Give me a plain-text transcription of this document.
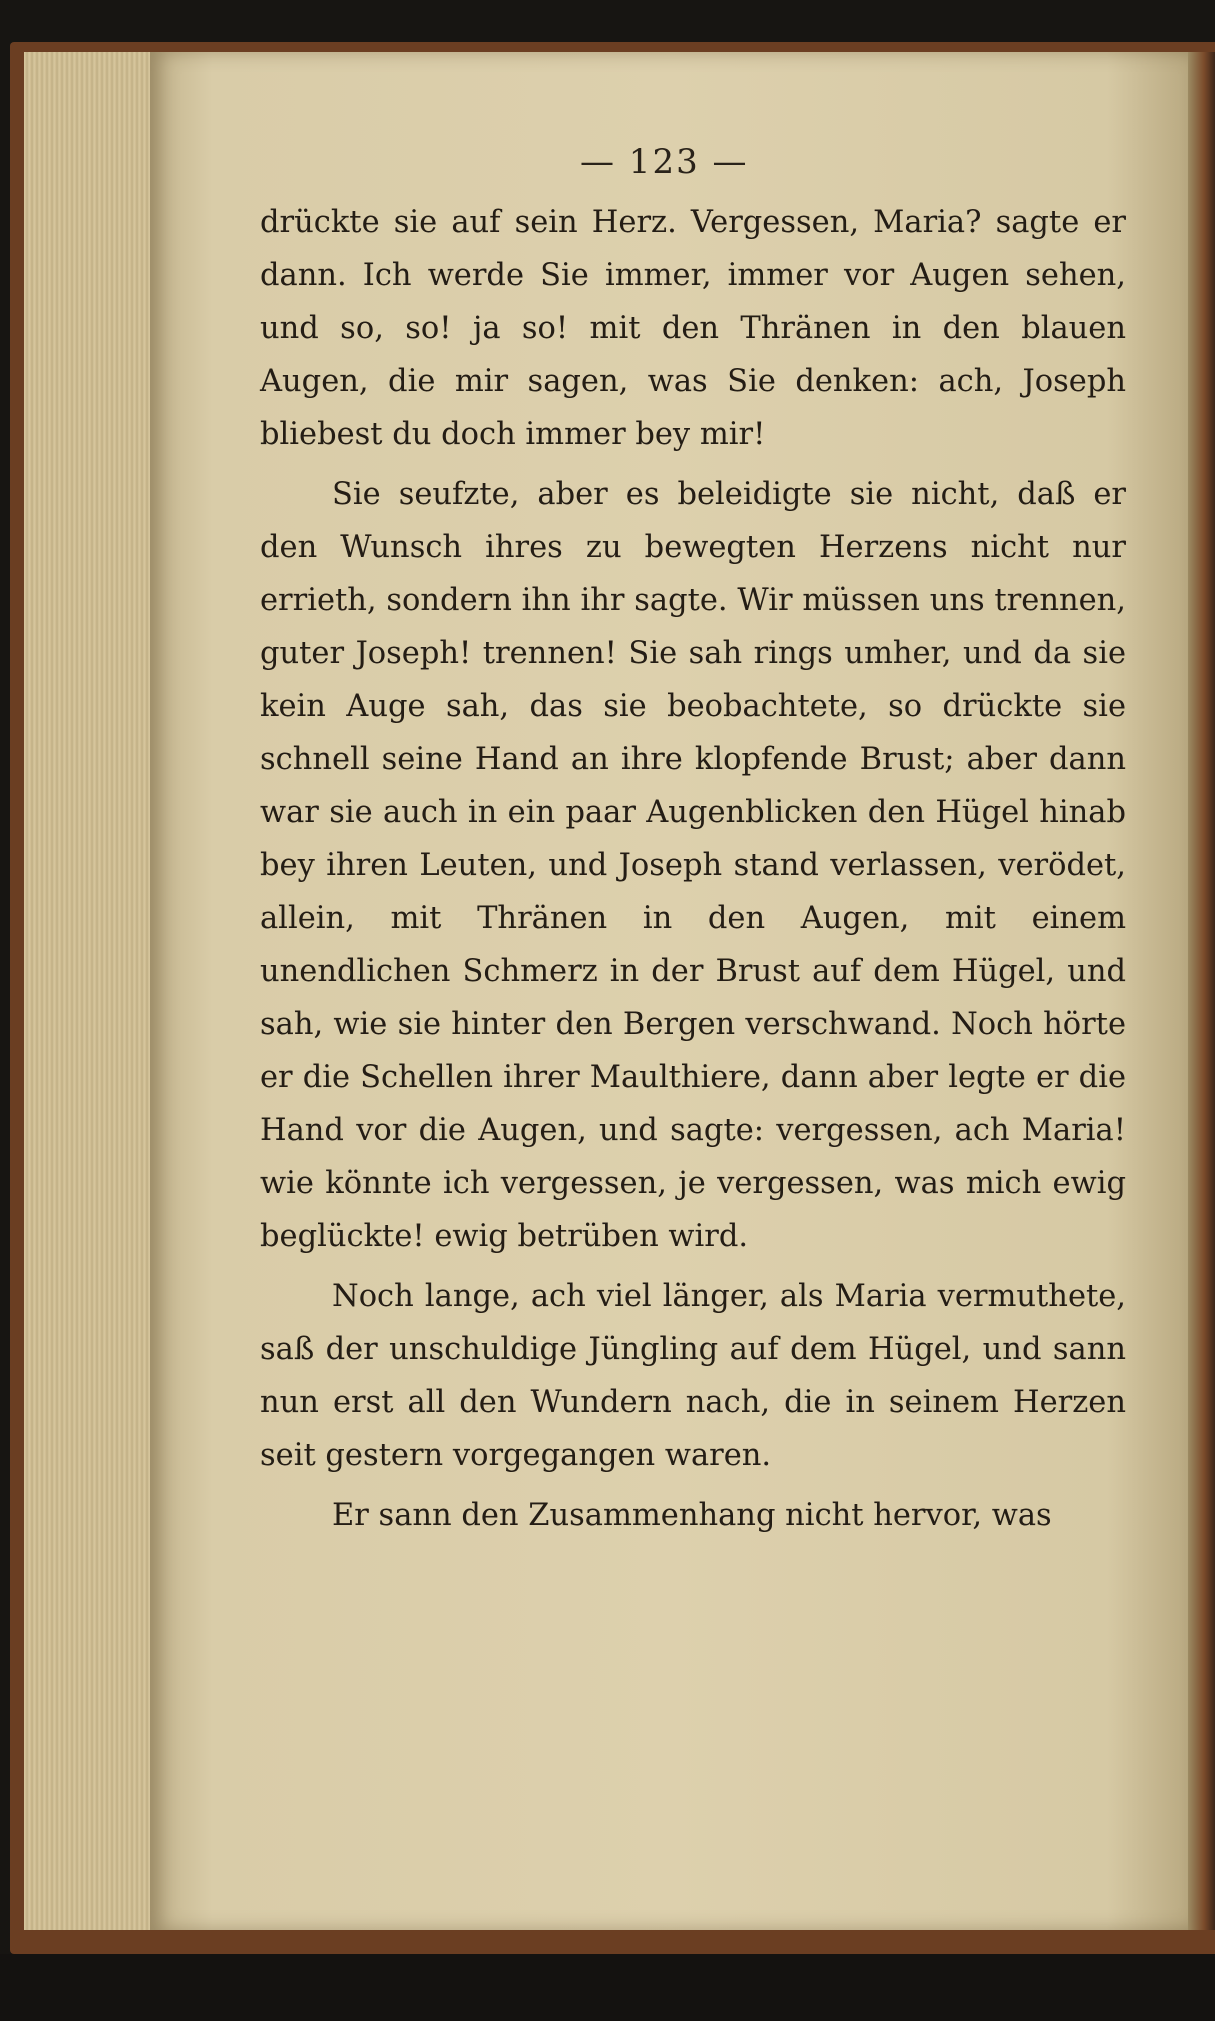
— 123 —

drückte sie auf sein Herz. Vergessen, Maria? sagte er dann. Ich werde Sie immer, immer vor Augen sehen, und so, so! ja so! mit den Thränen in den blauen Augen, die mir sagen, was Sie denken: ach, Joseph bliebest du doch immer bey mir!

Sie seufzte, aber es beleidigte sie nicht, daß er den Wunsch ihres zu bewegten Herzens nicht nur errieth, sondern ihn ihr sagte. Wir müssen uns trennen, guter Joseph! trennen! Sie sah rings umher, und da sie kein Auge sah, das sie beobachtete, so drückte sie schnell seine Hand an ihre klopfende Brust; aber dann war sie auch in ein paar Augenblicken den Hügel hinab bey ihren Leuten, und Joseph stand verlassen, verödet, allein, mit Thränen in den Augen, mit einem unendlichen Schmerz in der Brust auf dem Hügel, und sah, wie sie hinter den Bergen verschwand. Noch hörte er die Schellen ihrer Maulthiere, dann aber legte er die Hand vor die Augen, und sagte: vergessen, ach Maria! wie könnte ich vergessen, je vergessen, was mich ewig beglückte! ewig betrüben wird.

Noch lange, ach viel länger, als Maria vermuthete, saß der unschuldige Jüngling auf dem Hügel, und sann nun erst all den Wundern nach, die in seinem Herzen seit gestern vorgegangen waren.

Er sann den Zusammenhang nicht hervor, was
